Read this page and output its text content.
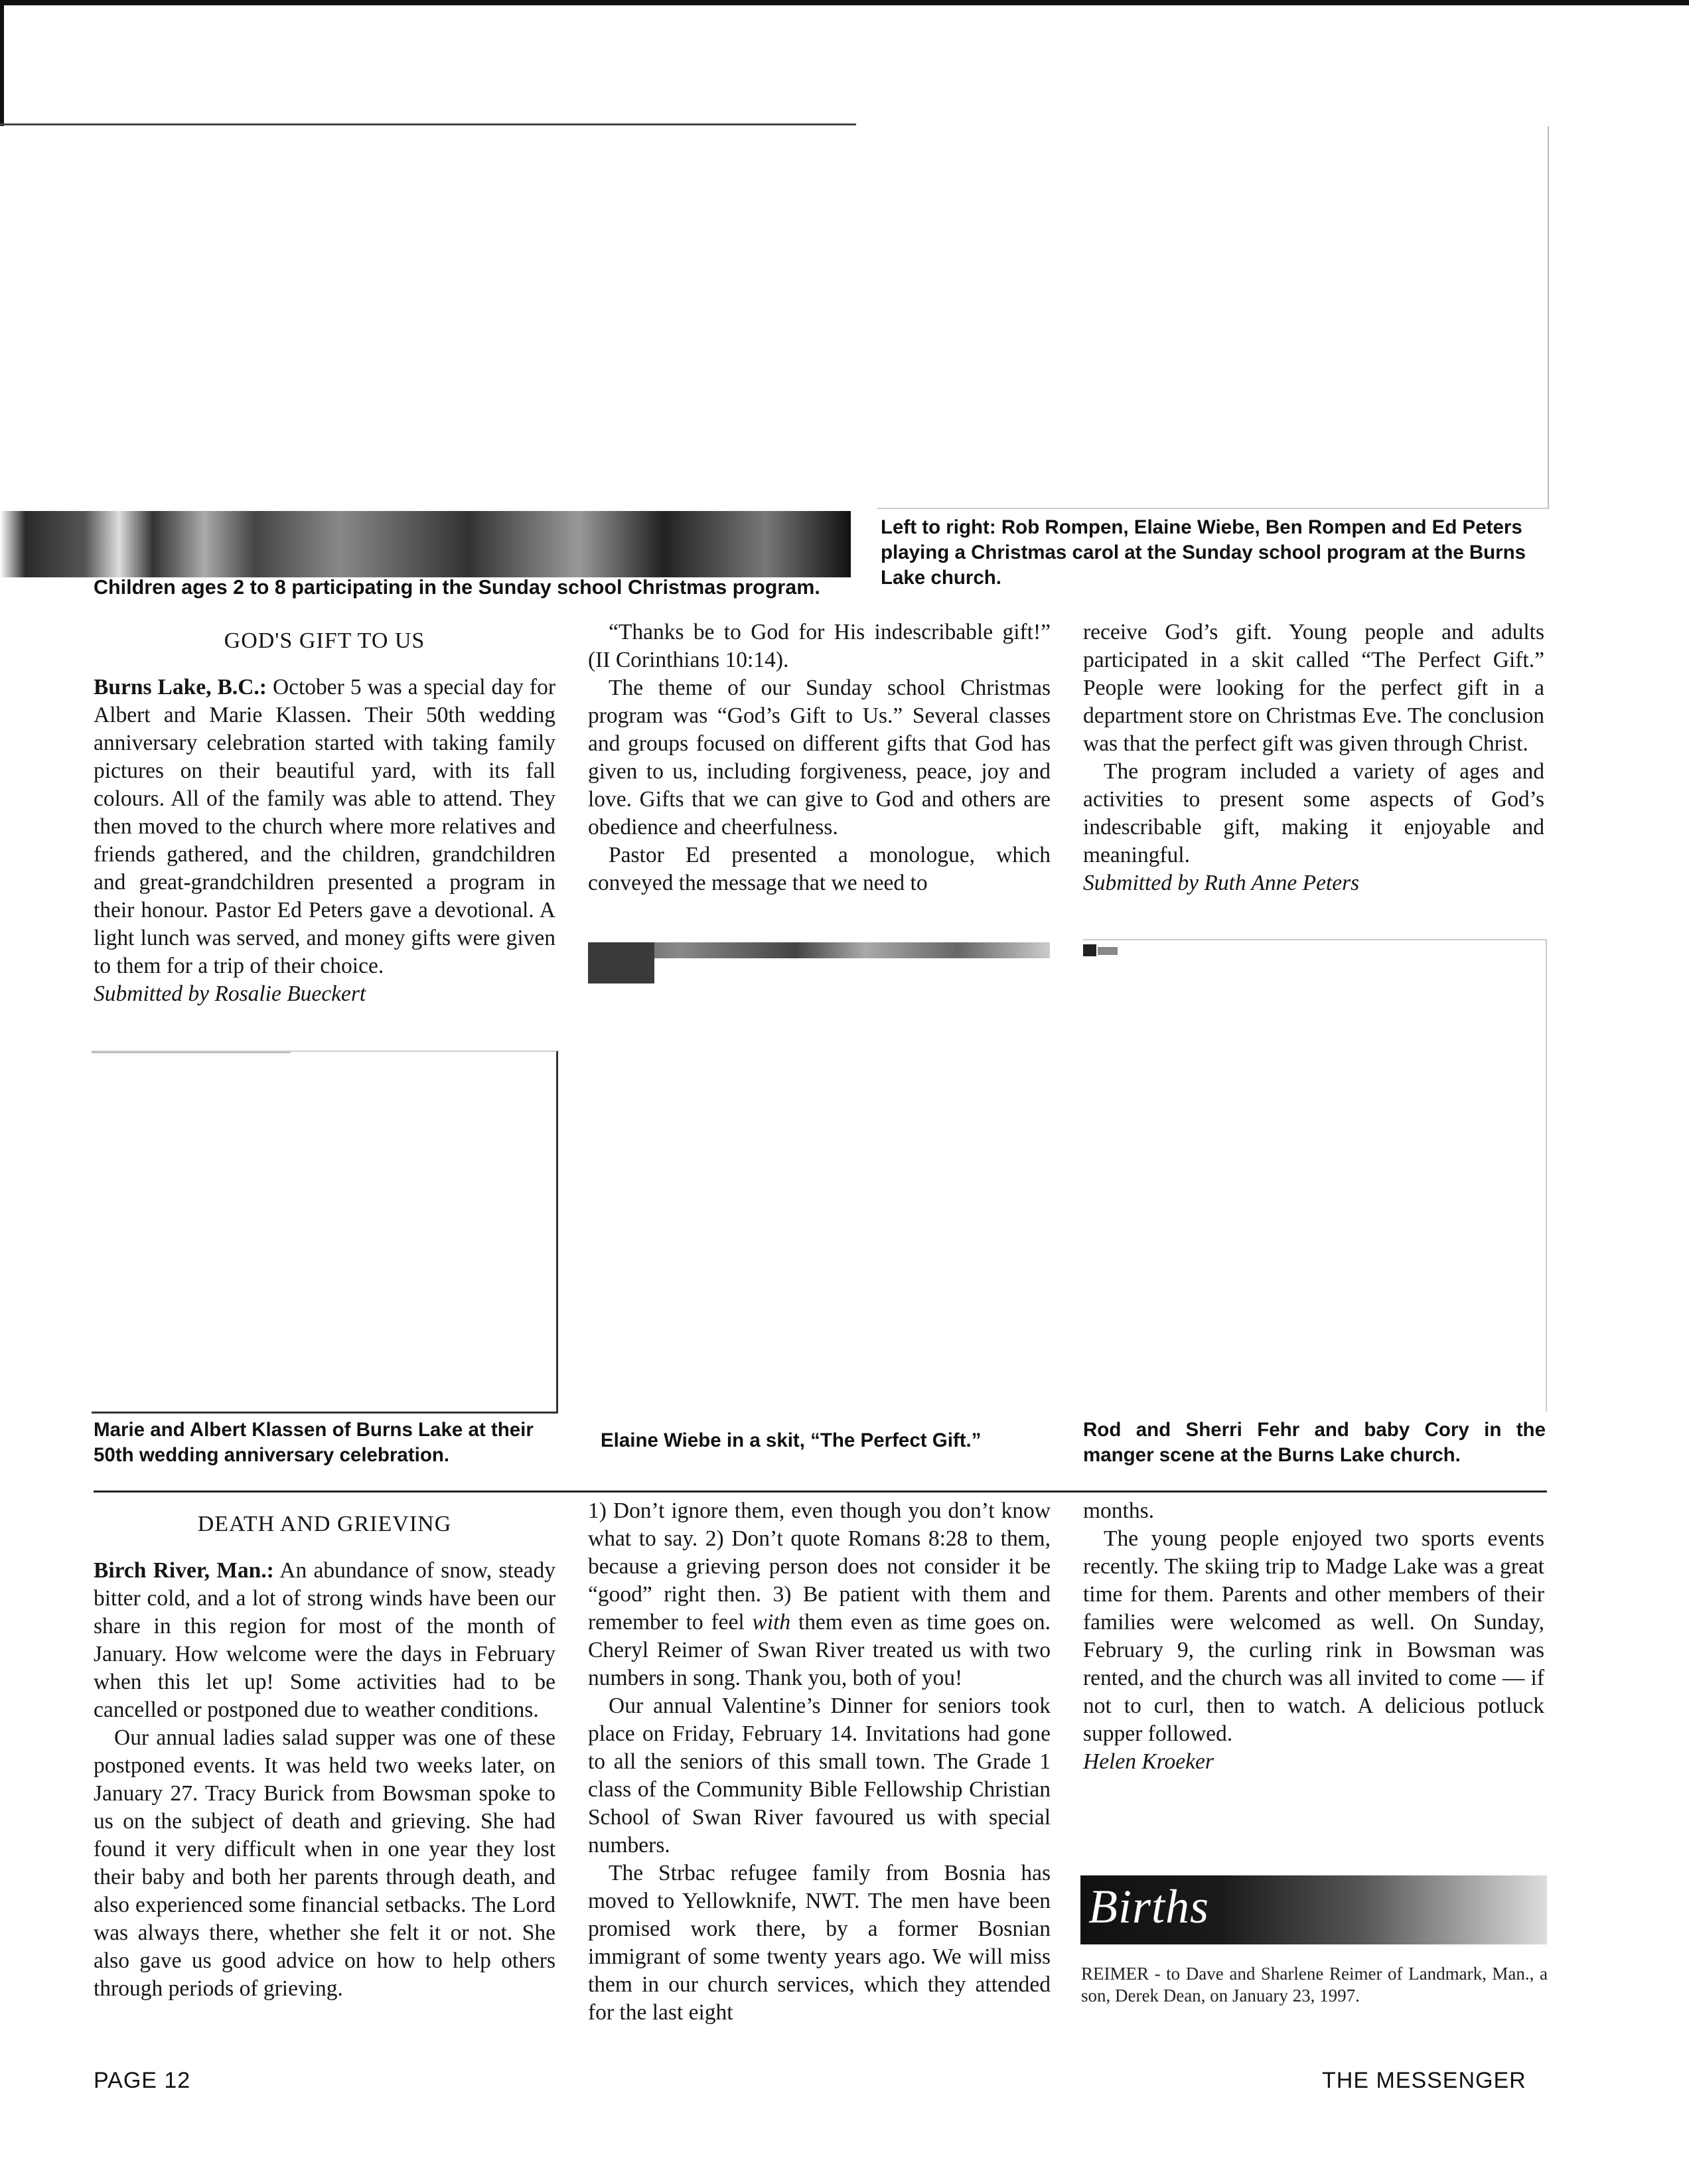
Children ages 2 to 8 participating in the Sunday school Christmas program.
Left to right: Rob Rompen, Elaine Wiebe, Ben Rompen and Ed Peters playing a Christmas carol at the Sunday school program at the Burns Lake church.
GOD'S GIFT TO US

Burns Lake, B.C.: October 5 was a special day for Albert and Marie Klassen. Their 50th wedding anniversary celebration started with taking family pictures on their beautiful yard, with its fall colours. All of the family was able to attend. They then moved to the church where more relatives and friends gathered, and the children, grandchildren and great-grandchildren presented a program in their honour. Pastor Ed Peters gave a devotional. A light lunch was served, and money gifts were given to them for a trip of their choice.

Submitted by Rosalie Bueckert

“Thanks be to God for His indescribable gift!” (II Corinthians 10:14).

The theme of our Sunday school Christmas program was “God’s Gift to Us.” Several classes and groups focused on different gifts that God has given to us, including forgiveness, peace, joy and love. Gifts that we can give to God and others are obedience and cheerfulness.

Pastor Ed presented a monologue, which conveyed the message that we need to

receive God’s gift. Young people and adults participated in a skit called “The Perfect Gift.” People were looking for the perfect gift in a department store on Christmas Eve. The conclusion was that the perfect gift was given through Christ.

The program included a variety of ages and activities to present some aspects of God’s indescribable gift, making it enjoyable and meaningful.

Submitted by Ruth Anne Peters

Marie and Albert Klassen of Burns Lake at their 50th wedding anniversary celebration.
Elaine Wiebe in a skit, “The Perfect Gift.”	Rod and Sherri Fehr and baby Cory in the manger scene at the Burns Lake church.
DEATH AND GRIEVING

Birch River, Man.: An abundance of snow, steady bitter cold, and a lot of strong winds have been our share in this region for most of the month of January. How welcome were the days in February when this let up! Some activities had to be cancelled or postponed due to weather conditions.

Our annual ladies salad supper was one of these postponed events. It was held two weeks later, on January 27. Tracy Burick from Bowsman spoke to us on the subject of death and grieving. She had found it very difficult when in one year they lost their baby and both her parents through death, and also experienced some financial setbacks. The Lord was always there, whether she felt it or not. She also gave us good advice on how to help others through periods of grieving.

1) Don’t ignore them, even though you don’t know what to say. 2) Don’t quote Romans 8:28 to them, because a grieving person does not consider it be “good” right then. 3) Be patient with them and remember to feel with them even as time goes on. Cheryl Reimer of Swan River treated us with two numbers in song. Thank you, both of you!

Our annual Valentine’s Dinner for seniors took place on Friday, February 14. Invitations had gone to all the seniors of this small town. The Grade 1 class of the Community Bible Fellowship Christian School of Swan River favoured us with special numbers.

The Strbac refugee family from Bosnia has moved to Yellowknife, NWT. The men have been promised work there, by a former Bosnian immigrant of some twenty years ago. We will miss them in our church services, which they attended for the last eight

months.

The young people enjoyed two sports events recently. The skiing trip to Madge Lake was a great time for them. Parents and other members of their families were welcomed as well. On Sunday, February 9, the curling rink in Bowsman was rented, and the church was all invited to come — if not to curl, then to watch. A delicious potluck supper followed.

Helen Kroeker

Births
REIMER - to Dave and Sharlene Reimer of Landmark, Man., a son, Derek Dean, on January 23, 1997.
PAGE 12	THE MESSENGER
